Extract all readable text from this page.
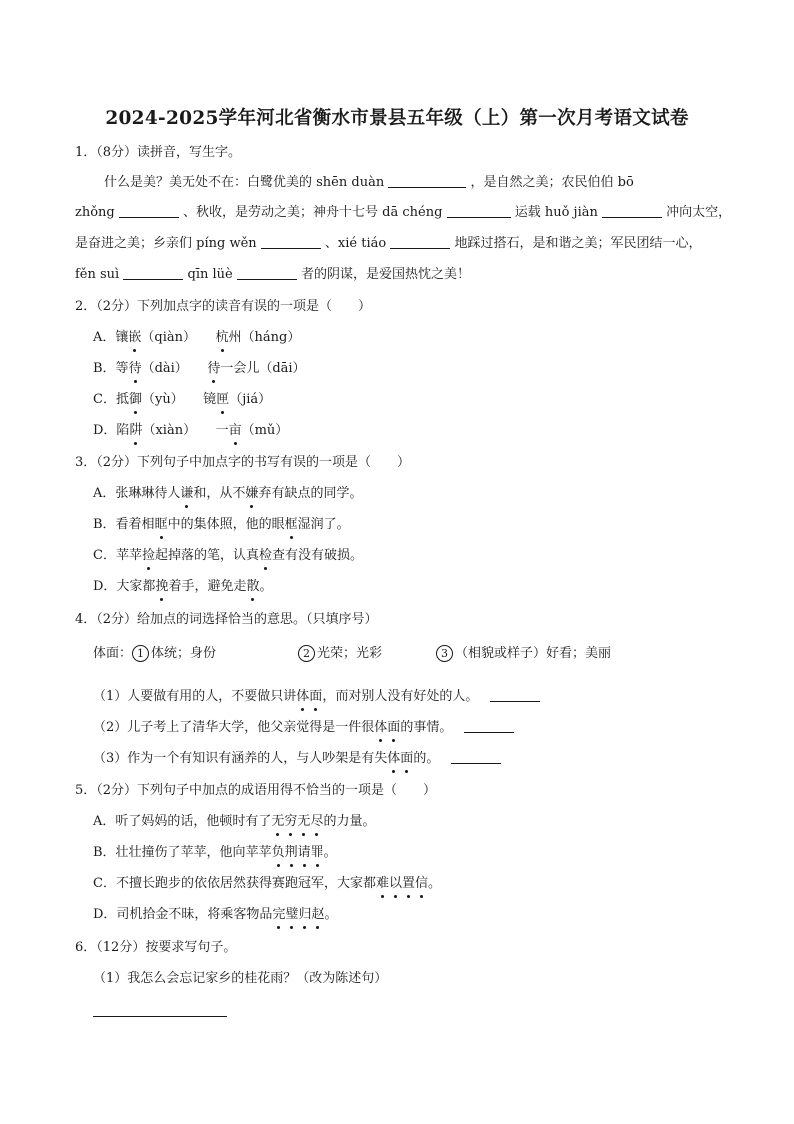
2024-2025学年河北省衡水市景县五年级（上）第一次月考语文试卷
1．（8分）读拼音，写生字。
什么是美？美无处不在：白鹭优美的 shēn duàn	，是自然之美；农民伯伯 bō
zhǒng	、秋收，是劳动之美；神舟十七号 dā chéng	运载 huǒ jiàn	冲向太空，
是奋进之美；乡亲们 píng wěn	、xié tiáo	地踩过搭石，是和谐之美；军民团结一心，
fěn suì	qīn lüè	者的阴谋，是爱国热忱之美！
2．（2分）下列加点字的读音有误的一项是（　　）
A．镶嵌（qiàn）　　杭州（háng）
B．等待（dài）　　待一会儿（dāi）
C．抵御（yù）　　镜匣（jiá）
D．陷阱（xiàn）　　一亩（mǔ）
3．（2分）下列句子中加点字的书写有误的一项是（　　）
A．张琳琳待人谦和，从不嫌弃有缺点的同学。
B．看着相眶中的集体照，他的眼框湿润了。
C．苹苹捡起掉落的笔，认真检查有没有破损。
D．大家都挽着手，避免走散。
4．（2分）给加点的词选择恰当的意思。（只填序号）
体面： 1 体统；身份	2 光荣；光彩	3 （相貌或样子）好看；美丽
（1）人要做有用的人，不要做只讲体面，而对别人没有好处的人。
（2）儿子考上了清华大学，他父亲觉得是一件很体面的事情。
（3）作为一个有知识有涵养的人，与人吵架是有失体面的。
5．（2分）下列句子中加点的成语用得不恰当的一项是（　　）
A．听了妈妈的话，他顿时有了无穷无尽的力量。
B．壮壮撞伤了苹苹，他向苹苹负荆请罪。
C．不擅长跑步的依依居然获得赛跑冠军，大家都难以置信。
D．司机拾金不昧，将乘客物品完璧归赵。
6．（12分）按要求写句子。
（1）我怎么会忘记家乡的桂花雨？（改为陈述句）
